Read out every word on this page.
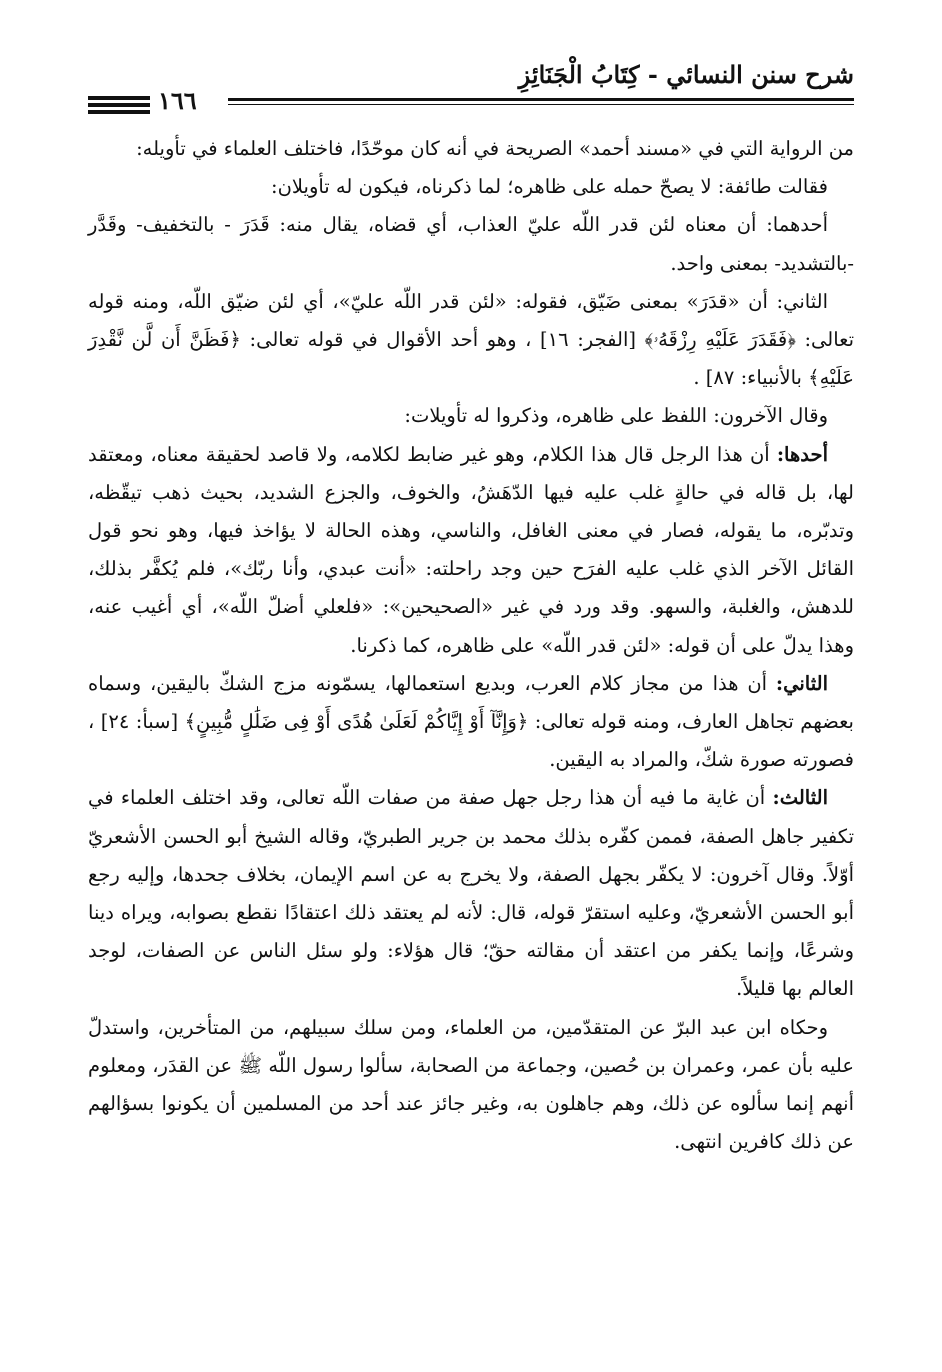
شرح سنن النسائي - كِتَابُ الْجَنَائِزِ
١٦٦

من الرواية التي في «مسند أحمد» الصريحة في أنه كان موحّدًا، فاختلف العلماء في تأويله:

فقالت طائفة: لا يصحّ حمله على ظاهره؛ لما ذكرناه، فيكون له تأويلان:

أحدهما: أن معناه لئن قدر اللّه عليّ العذاب، أي قضاه، يقال منه: قَدَرَ - بالتخفيف- وقَدَّر -بالتشديد- بمعنى واحد.

الثاني: أن «قدَرَ» بمعنى ضَيّق، فقوله: «لئن قدر اللّه عليّ»، أي لئن ضيّق اللّه، ومنه قوله تعالى: ﴿فَقَدَرَ عَلَيْهِ رِزْقَهُۥ﴾ [الفجر: ١٦] ، وهو أحد الأقوال في قوله تعالى: ﴿فَظَنَّ أَن لَّن نَّقْدِرَ عَلَيْهِ﴾ بالأنبياء: ٨٧] .

وقال الآخرون: اللفظ على ظاهره، وذكروا له تأويلات:

أحدها: أن هذا الرجل قال هذا الكلام، وهو غير ضابط لكلامه، ولا قاصد لحقيقة معناه، ومعتقد لها، بل قاله في حالةٍ غلب عليه فيها الدّهَشُ، والخوف، والجزع الشديد، بحيث ذهب تيقّظه، وتدبّره، ما يقوله، فصار في معنى الغافل، والناسي، وهذه الحالة لا يؤاخذ فيها، وهو نحو قول القائل الآخر الذي غلب عليه الفرَح حين وجد راحلته: «أنت عبدي، وأنا ربّك»، فلم يُكفَّر بذلك، للدهش، والغلبة، والسهو. وقد ورد في غير «الصحيحين»: «فلعلي أضلّ اللّه»، أي أغيب عنه، وهذا يدلّ على أن قوله: «لئن قدر اللّه» على ظاهره، كما ذكرنا.

الثاني: أن هذا من مجاز كلام العرب، وبديع استعمالها، يسمّونه مزج الشكّ باليقين، وسماه بعضهم تجاهل العارف، ومنه قوله تعالى: ﴿وَإِنَّآ أَوْ إِيَّاكُمْ لَعَلَىٰ هُدًى أَوْ فِى ضَلَٰلٍ مُّبِينٍ﴾ [سبأ: ٢٤] ، فصورته صورة شكّ، والمراد به اليقين.

الثالث: أن غاية ما فيه أن هذا رجل جهل صفة من صفات اللّه تعالى، وقد اختلف العلماء في تكفير جاهل الصفة، فممن كفّره بذلك محمد بن جرير الطبريّ، وقاله الشيخ أبو الحسن الأشعريّ أوّلاً. وقال آخرون: لا يكفّر بجهل الصفة، ولا يخرج به عن اسم الإيمان، بخلاف جحدها، وإليه رجع أبو الحسن الأشعريّ، وعليه استقرّ قوله، قال: لأنه لم يعتقد ذلك اعتقادًا نقطع بصوابه، ويراه دينا وشرعًا، وإنما يكفر من اعتقد أن مقالته حقّ؛ قال هؤلاء: ولو سئل الناس عن الصفات، لوجد العالم بها قليلاً.

وحكاه ابن عبد البرّ عن المتقدّمين، من العلماء، ومن سلك سبيلهم، من المتأخرين، واستدلّ عليه بأن عمر، وعمران بن حُصين، وجماعة من الصحابة، سألوا رسول اللّه ﷺ عن القدَر، ومعلوم أنهم إنما سألوه عن ذلك، وهم جاهلون به، وغير جائز عند أحد من المسلمين أن يكونوا بسؤالهم عن ذلك كافرين انتهى.
